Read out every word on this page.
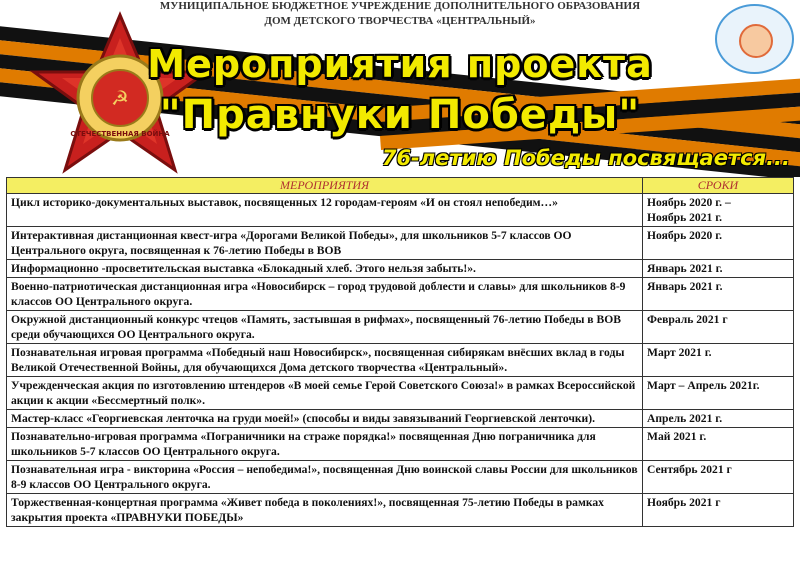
☭
ОТЕЧЕСТВЕННАЯ ВОЙНА
МУНИЦИПАЛЬНОЕ БЮДЖЕТНОЕ УЧРЕЖДЕНИЕ ДОПОЛНИТЕЛЬНОГО ОБРАЗОВАНИЯ
ДОМ ДЕТСКОГО ТВОРЧЕСТВА «ЦЕНТРАЛЬНЫЙ»
Мероприятия проекта
"Правнуки Победы"
76-летию Победы посвящается...
МЕРОПРИЯТИЯ	СРОКИ
Цикл историко-документальных выставок, посвященных 12 городам-героям «И он стоял непобедим…»	Ноябрь 2020 г. –
Ноябрь 2021 г.

Интерактивная дистанционная квест-игра «Дорогами Великой Победы», для школьников 5-7 классов ОО Центрального округа, посвященная к 76-летию Победы в ВОВ	Ноябрь 2020 г.
Информационно -просветительская выставка «Блокадный хлеб. Этого нельзя забыть!».	Январь 2021 г.
Военно-патриотическая дистанционная игра «Новосибирск – город трудовой доблести и славы» для школьников 8-9 классов ОО Центрального округа.	Январь 2021 г.
Окружной дистанционный конкурс чтецов «Память, застывшая в рифмах», посвященный 76-летию Победы в ВОВ среди обучающихся ОО Центрального округа.	Февраль 2021 г
Познавательная игровая программа «Победный наш Новосибирск», посвященная сибирякам внёсших вклад в годы Великой Отечественной Войны, для обучающихся Дома детского творчества «Центральный».	Март 2021 г.
Учрежденческая акция по изготовлению штендеров «В моей семье Герой Советского Союза!» в рамках Всероссийской акции к акции «Бессмертный полк».	Март – Апрель 2021г.
Мастер-класс «Георгиевская ленточка на груди моей!» (способы и виды завязываний Георгиевской ленточки).	Апрель 2021 г.
Познавательно-игровая программа «Пограничники на страже порядка!» посвященная Дню пограничника для школьников 5-7 классов ОО Центрального округа.	Май 2021 г.
Познавательная игра - викторина «Россия – непобедима!», посвященная Дню воинской славы России для школьников 8-9 классов ОО Центрального округа.	Сентябрь 2021 г
Торжественная-концертная программа «Живет победа в поколениях!», посвященная 75-летию Победы в рамках закрытия проекта «ПРАВНУКИ ПОБЕДЫ»	Ноябрь 2021 г
